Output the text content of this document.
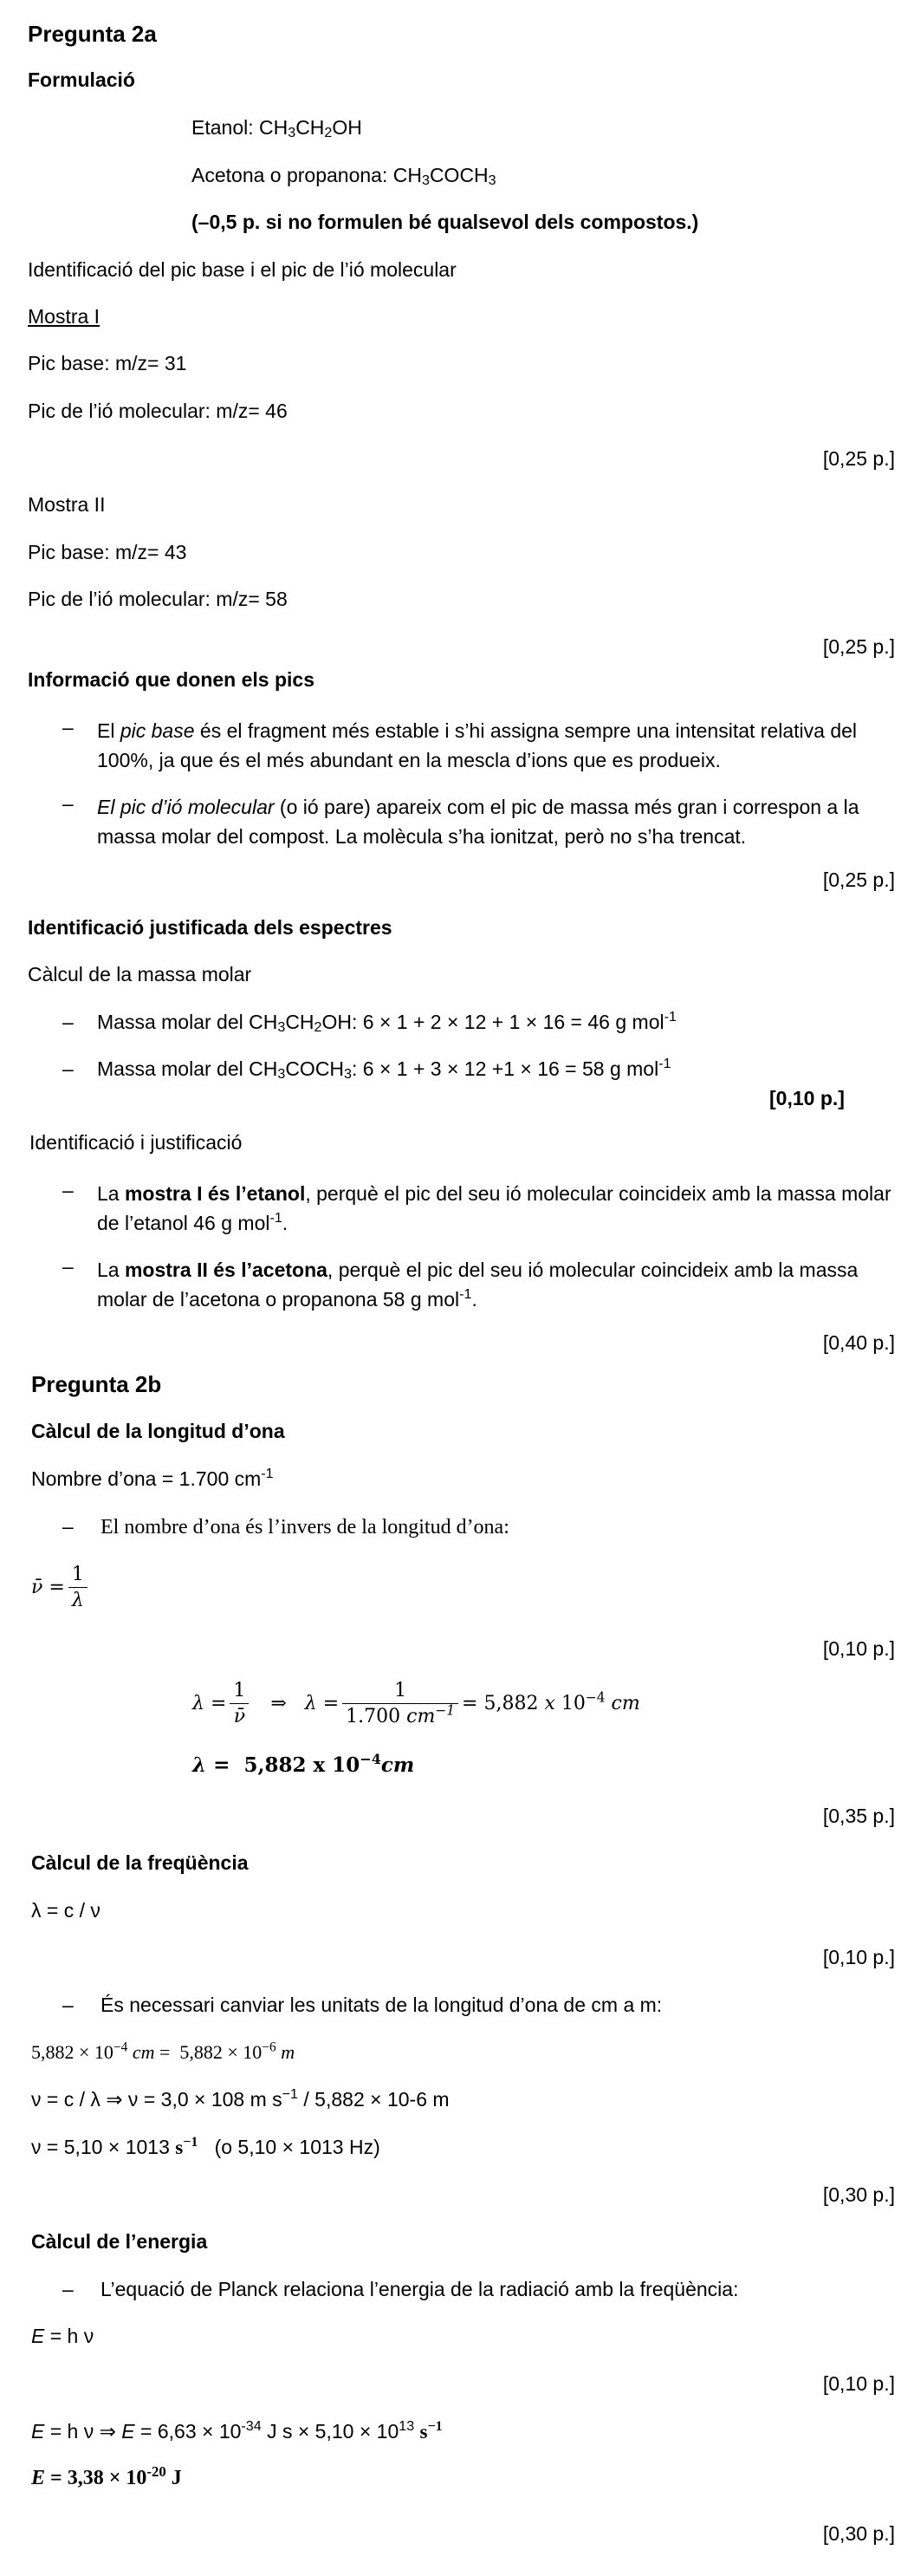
Pregunta 2a
Formulació
Etanol: $CH_3CH_2OH$
Acetona o propanona: $CH_3COCH_3$
(–0,5 p. si no formulen bé qualsevol dels compostos.)
Identificació del pic base i el pic de l’ió molecular
Mostra I
Pic base: m/z= 31
Pic de l’ió molecular: m/z= 46
[0,25 p.]
Mostra II
Pic base: m/z= 43
Pic de l’ió molecular: m/z= 58
[0,25 p.]
Informació que donen els pics
– El pic base és el fragment més estable i s’hi assigna sempre una intensitat relativa del 100%, ja que és el més abundant en la mescla d’ions que es produeix.
– El pic d’ió molecular (o ió pare) apareix com el pic de massa més gran i correspon a la massa molar del compost. La molècula s’ha ionitzat, però no s’ha trencat.
[0,25 p.]
Identificació justificada dels espectres
Càlcul de la massa molar
– Massa molar del $CH_3CH_2OH$: 6 × 1 + 2 × 12 + 1 × 16 = 46 g mol$^{-1}$
– Massa molar del $CH_3COCH_3$: 6 × 1 + 3 × 12 +1 × 16 = 58 g mol$^{-1}$
[0,10 p.]
Identificació i justificació
– La mostra I és l’etanol, perquè el pic del seu ió molecular coincideix amb la massa molar de l’etanol 46 g mol$^{-1}$.
– La mostra II és l’acetona, perquè el pic del seu ió molecular coincideix amb la massa molar de l’acetona o propanona 58 g mol$^{-1}$.
[0,40 p.]
Pregunta 2b
Càlcul de la longitud d’ona
Nombre d’ona = 1.700 $cm^{-1}$
– El nombre d’ona és l’invers de la longitud d’ona:
ν̄ = $\frac{1}{\lambda}$
[0,10 p.]
$\lambda = \frac{1}{\nū}$ ⇒   $\lambda = \frac{1}{1.700 cm^{-1}} = 5,882$ x $10^{-4}$ cm
λ = 5,882 x $10^{-4}cm$
[0,35 p.]
Càlcul de la freqüència
λ = c / ν
[0,10 p.]
– És necessari canviar les unitats de la longitud d’ona de cm a m:
$5,882 \times 10^{-4}$ cm =  $5,882 \times 10^{-6}$ m
ν = c / λ ⇒ ν = 3,0 × 108 m $s^{-1} / 5,882 \times 10-6$ m
ν = 5,10 × 1013 $s^{-1}$ (o 5,10 × 1013 Hz)
[0,30 p.]
Càlcul de l’energia
– L’equació de Planck relaciona l’energia de la radiació amb la freqüència:
E = h ν
[0,10 p.]
E = h ν ⇒ $E = 6,63 \times 10^{-34}$ J $s \times 5,10 \times 10^{13}$ $s^{-1}$
$E = 3,38 \times 10^{-20}$ J
[0,30 p.]
